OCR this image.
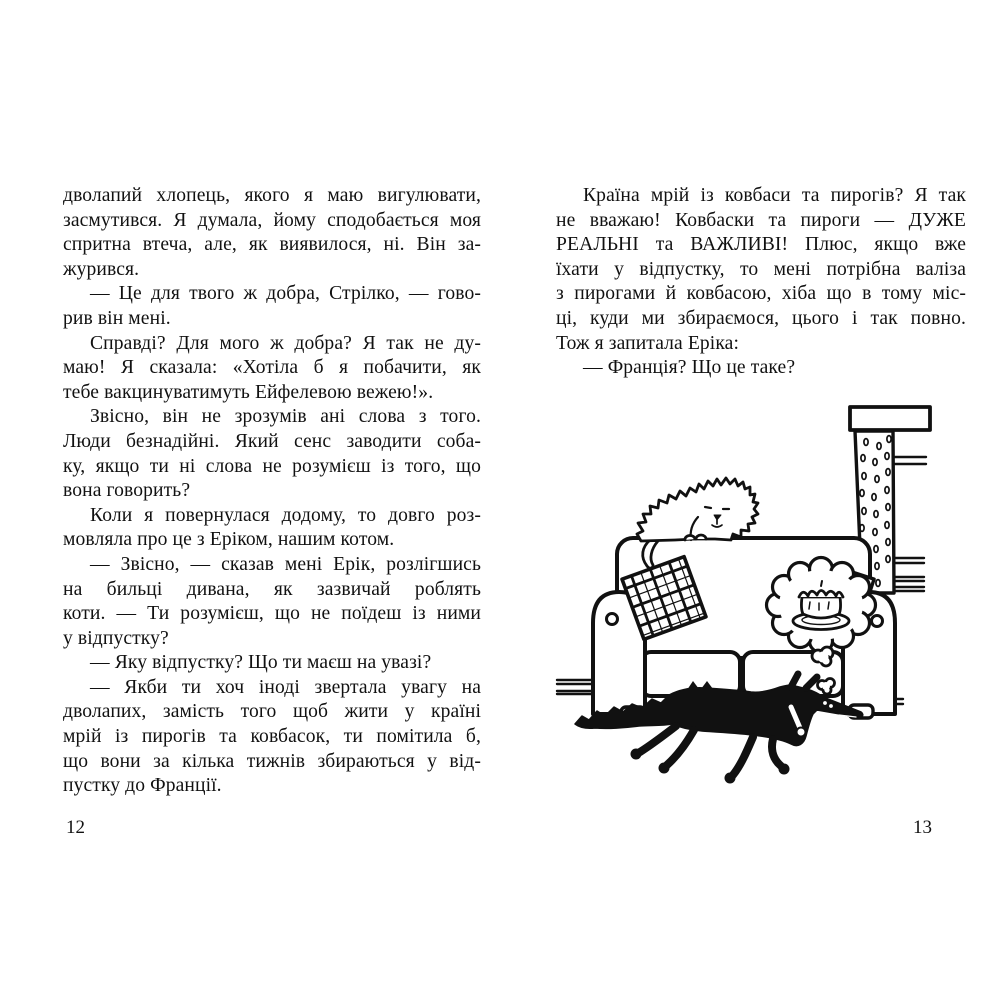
дволапий хлопець, якого я маю вигулювати,
засмутився. Я думала, йому сподобається моя
спритна втеча, але, як виявилося, ні. Він за-
журився.
— Це для твого ж добра, Стрілко, — гово-
рив він мені.
Справді? Для мого ж добра? Я так не ду-
маю! Я сказала: «Хотіла б я побачити, як
тебе вакцинуватимуть Ейфелевою вежею!».
Звісно, він не зрозумів ані слова з того.
Люди безнадійні. Який сенс заводити соба-
ку, якщо ти ні слова не розумієш із того, що
вона говорить?
Коли я повернулася додому, то довго роз-
мовляла про це з Еріком, нашим котом.
— Звісно, — сказав мені Ерік, розлігшись
на бильці дивана, як зазвичай роблять
коти. — Ти розумієш, що не поїдеш із ними
у відпустку?
— Яку відпустку? Що ти маєш на увазі?
— Якби ти хоч іноді звертала увагу на
дволапих, замість того щоб жити у країні
мрій із пирогів та ковбасок, ти помітила б,
що вони за кілька тижнів збираються у від-
пустку до Франції.
12
Країна мрій із ковбаси та пирогів? Я так
не вважаю! Ковбаски та пироги — ДУЖЕ
РЕАЛЬНІ та ВАЖЛИВІ! Плюс, якщо вже
їхати у відпустку, то мені потрібна валіза
з пирогами й ковбасою, хіба що в тому міс-
ці, куди ми збираємося, цього і так повно.
Тож я запитала Еріка:
— Франція? Що це таке?
13
